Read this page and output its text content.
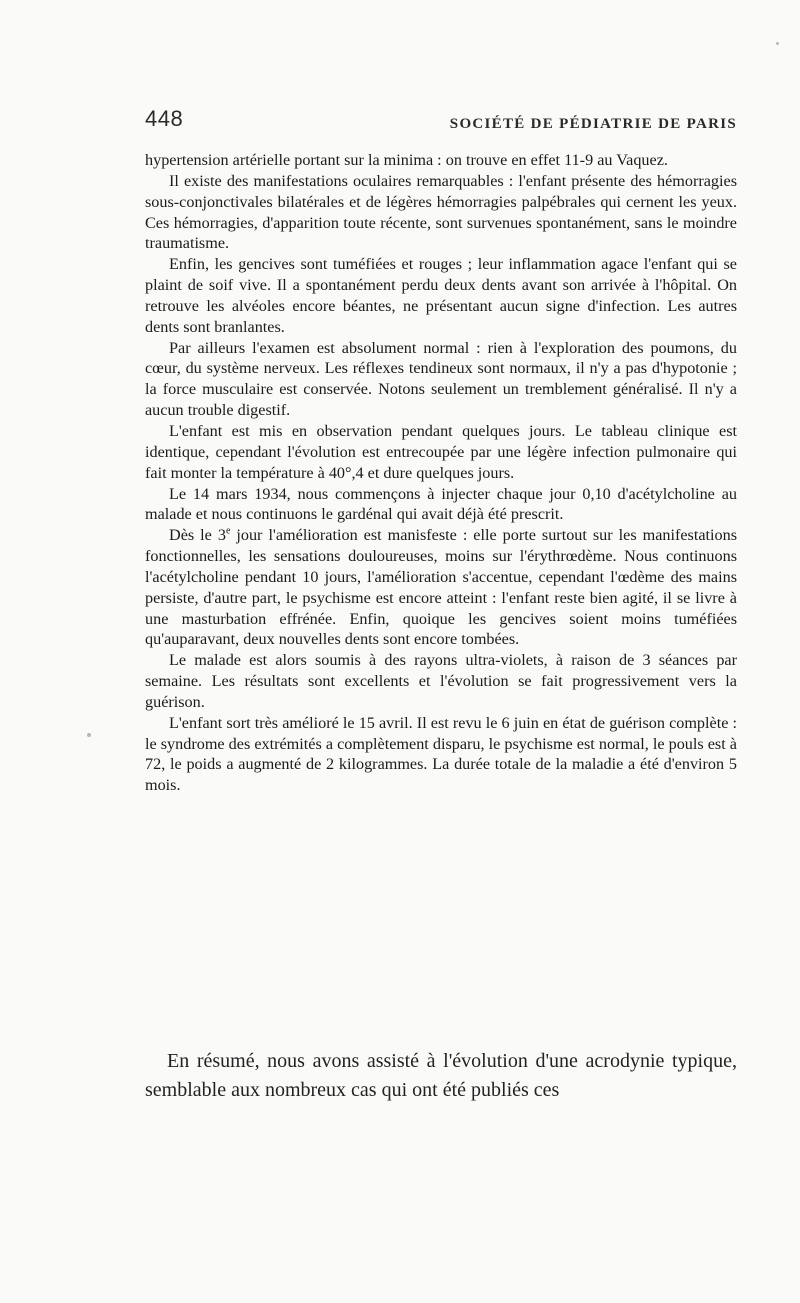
448	SOCIÉTÉ DE PÉDIATRIE DE PARIS

hypertension artérielle portant sur la minima : on trouve en effet 11-9 au Vaquez.

Il existe des manifestations oculaires remarquables : l'enfant présente des hémorragies sous-conjonctivales bilatérales et de légères hémorragies palpébrales qui cernent les yeux. Ces hémorragies, d'apparition toute récente, sont survenues spontanément, sans le moindre traumatisme.

Enfin, les gencives sont tuméfiées et rouges ; leur inflammation agace l'enfant qui se plaint de soif vive. Il a spontanément perdu deux dents avant son arrivée à l'hôpital. On retrouve les alvéoles encore béantes, ne présentant aucun signe d'infection. Les autres dents sont branlantes.

Par ailleurs l'examen est absolument normal : rien à l'exploration des poumons, du cœur, du système nerveux. Les réflexes tendineux sont normaux, il n'y a pas d'hypotonie ; la force musculaire est conservée. Notons seulement un tremblement généralisé. Il n'y a aucun trouble digestif.

L'enfant est mis en observation pendant quelques jours. Le tableau clinique est identique, cependant l'évolution est entrecoupée par une légère infection pulmonaire qui fait monter la température à 40°,4 et dure quelques jours.

Le 14 mars 1934, nous commençons à injecter chaque jour 0,10 d'acétylcholine au malade et nous continuons le gardénal qui avait déjà été prescrit.

Dès le 3e jour l'amélioration est manisfeste : elle porte surtout sur les manifestations fonctionnelles, les sensations douloureuses, moins sur l'érythrœdème. Nous continuons l'acétylcholine pendant 10 jours, l'amélioration s'accentue, cependant l'œdème des mains persiste, d'autre part, le psychisme est encore atteint : l'enfant reste bien agité, il se livre à une masturbation effrénée. Enfin, quoique les gencives soient moins tuméfiées qu'auparavant, deux nouvelles dents sont encore tombées.

Le malade est alors soumis à des rayons ultra-violets, à raison de 3 séances par semaine. Les résultats sont excellents et l'évolution se fait progressivement vers la guérison.

L'enfant sort très amélioré le 15 avril. Il est revu le 6 juin en état de guérison complète : le syndrome des extrémités a complètement disparu, le psychisme est normal, le pouls est à 72, le poids a augmenté de 2 kilogrammes. La durée totale de la maladie a été d'environ 5 mois.

En résumé, nous avons assisté à l'évolution d'une acrodynie typique, semblable aux nombreux cas qui ont été publiés ces
